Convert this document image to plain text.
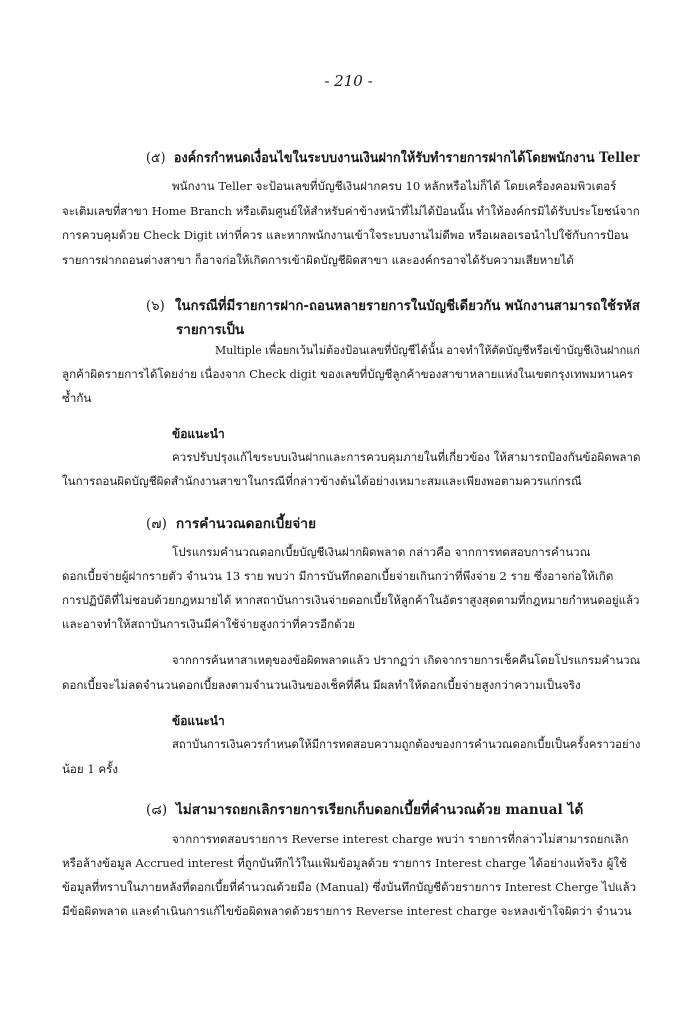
- 210 -
(๕) องค์กรกำหนดเงื่อนไขในระบบงานเงินฝากให้รับทำรายการฝากได้โดยพนักงาน Teller
พนักงาน Teller จะป้อนเลขที่บัญชีเงินฝากครบ 10 หลักหรือไม่ก็ได้ โดยเครื่องคอมพิวเตอร์
จะเติมเลขที่สาขา Home Branch หรือเติมศูนย์ให้สำหรับค่าข้างหน้าที่ไม่ได้ป้อนนั้น ทำให้องค์กรมิได้รับประโยชน์จาก
การควบคุมด้วย Check Digit เท่าที่ควร และหากพนักงานเข้าใจระบบงานไม่ดีพอ หรือเผลอเรอนำไปใช้กับการป้อน
รายการฝากถอนต่างสาขา ก็อาจก่อให้เกิดการเข้าผิดบัญชีผิดสาขา และองค์กรอาจได้รับความเสียหายได้
(๖) ในกรณีที่มีรายการฝาก-ถอนหลายรายการในบัญชีเดียวกัน พนักงานสามารถใช้รหัส
รายการเป็น
Multiple เพื่อยกเว้นไม่ต้องป้อนเลขที่บัญชีได้นั้น อาจทำให้ตัดบัญชีหรือเข้าบัญชีเงินฝากแก่
ลูกค้าผิดรายการได้โดยง่าย เนื่องจาก Check digit ของเลขที่บัญชีลูกค้าของสาขาหลายแห่งในเขตกรุงเทพมหานคร
ซ้ำกัน
ข้อแนะนำ
ควรปรับปรุงแก้ไขระบบเงินฝากและการควบคุมภายในที่เกี่ยวข้อง ให้สามารถป้องกันข้อผิดพลาด
ในการถอนผิดบัญชีผิดสำนักงานสาขาในกรณีที่กล่าวข้างต้นได้อย่างเหมาะสมและเพียงพอตามควรแก่กรณี
(๗) การคำนวณดอกเบี้ยจ่าย
โปรแกรมคำนวณดอกเบี้ยบัญชีเงินฝากผิดพลาด กล่าวคือ จากการทดสอบการคำนวณ
ดอกเบี้ยจ่ายผู้ฝากรายตัว จำนวน 13 ราย พบว่า มีการบันทึกดอกเบี้ยจ่ายเกินกว่าที่พึงจ่าย 2 ราย ซึ่งอาจก่อให้เกิด
การปฏิบัติที่ไม่ชอบด้วยกฎหมายได้ หากสถาบันการเงินจ่ายดอกเบี้ยให้ลูกค้าในอัตราสูงสุดตามที่กฎหมายกำหนดอยู่แล้ว
และอาจทำให้สถาบันการเงินมีค่าใช้จ่ายสูงกว่าที่ควรอีกด้วย
จากการค้นหาสาเหตุของข้อผิดพลาดแล้ว ปรากฏว่า เกิดจากรายการเช็คคืนโดยโปรแกรมคำนวณ
ดอกเบี้ยจะไม่ลดจำนวนดอกเบี้ยลงตามจำนวนเงินของเช็คที่คืน มีผลทำให้ดอกเบี้ยจ่ายสูงกว่าความเป็นจริง
ข้อแนะนำ
สถาบันการเงินควรกำหนดให้มีการทดสอบความถูกต้องของการคำนวณดอกเบี้ยเป็นครั้งคราวอย่าง
น้อย 1 ครั้ง
(๘) ไม่สามารถยกเลิกรายการเรียกเก็บดอกเบี้ยที่คำนวณด้วย manual ได้
จากการทดสอบรายการ Reverse interest charge พบว่า รายการที่กล่าวไม่สามารถยกเลิก
หรือล้างข้อมูล Accrued interest ที่ถูกบันทึกไว้ในแฟ้มข้อมูลด้วย รายการ Interest charge ได้อย่างแท้จริง ผู้ใช้
ข้อมูลที่ทราบในภายหลังที่ดอกเบี้ยที่คำนวณด้วยมือ (Manual) ซึ่งบันทึกบัญชีด้วยรายการ Interest Cherge ไปแล้ว
มีข้อผิดพลาด และดำเนินการแก้ไขข้อผิดพลาดด้วยรายการ Reverse interest charge จะหลงเข้าใจผิดว่า จำนวน
